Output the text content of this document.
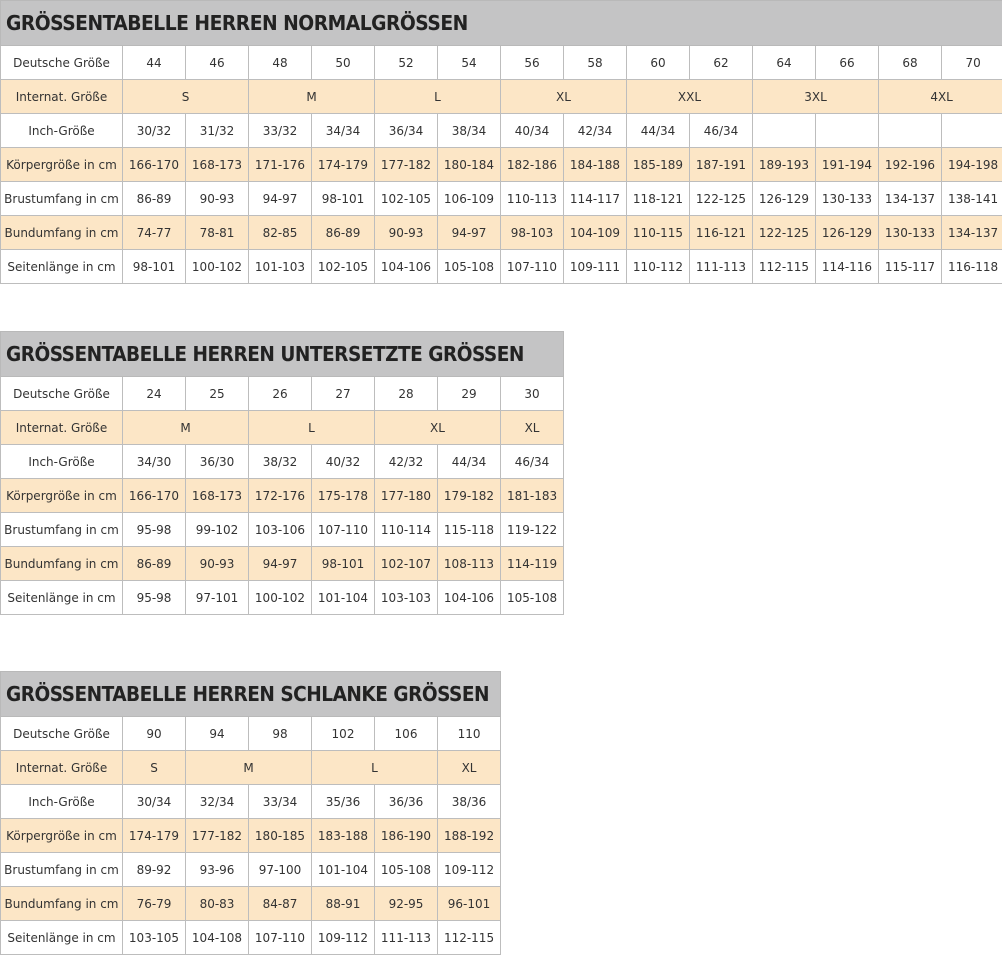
GRÖSSENTABELLE HERREN NORMALGRÖSSEN														
Deutsche Größe	44	46	48	50	52	54	56	58	60	62	64	66	68	70
Internat. Größe	S		M		L		XL		XXL		3XL		4XL	
Inch-Größe	30/32	31/32	33/32	34/34	36/34	38/34	40/34	42/34	44/34	46/34				
Körpergröße in cm	166-170	168-173	171-176	174-179	177-182	180-184	182-186	184-188	185-189	187-191	189-193	191-194	192-196	194-198
Brustumfang in cm	86-89	90-93	94-97	98-101	102-105	106-109	110-113	114-117	118-121	122-125	126-129	130-133	134-137	138-141
Bundumfang in cm	74-77	78-81	82-85	86-89	90-93	94-97	98-103	104-109	110-115	116-121	122-125	126-129	130-133	134-137
Seitenlänge in cm	98-101	100-102	101-103	102-105	104-106	105-108	107-110	109-111	110-112	111-113	112-115	114-116	115-117	116-118
GRÖSSENTABELLE HERREN UNTERSETZTE GRÖSSEN							
Deutsche Größe	24	25	26	27	28	29	30
Internat. Größe	M		L		XL		XL
Inch-Größe	34/30	36/30	38/32	40/32	42/32	44/34	46/34
Körpergröße in cm	166-170	168-173	172-176	175-178	177-180	179-182	181-183
Brustumfang in cm	95-98	99-102	103-106	107-110	110-114	115-118	119-122
Bundumfang in cm	86-89	90-93	94-97	98-101	102-107	108-113	114-119
Seitenlänge in cm	95-98	97-101	100-102	101-104	103-103	104-106	105-108
GRÖSSENTABELLE HERREN SCHLANKE GRÖSSEN						
Deutsche Größe	90	94	98	102	106	110
Internat. Größe	S	M		L		XL
Inch-Größe	30/34	32/34	33/34	35/36	36/36	38/36
Körpergröße in cm	174-179	177-182	180-185	183-188	186-190	188-192
Brustumfang in cm	89-92	93-96	97-100	101-104	105-108	109-112
Bundumfang in cm	76-79	80-83	84-87	88-91	92-95	96-101
Seitenlänge in cm	103-105	104-108	107-110	109-112	111-113	112-115
